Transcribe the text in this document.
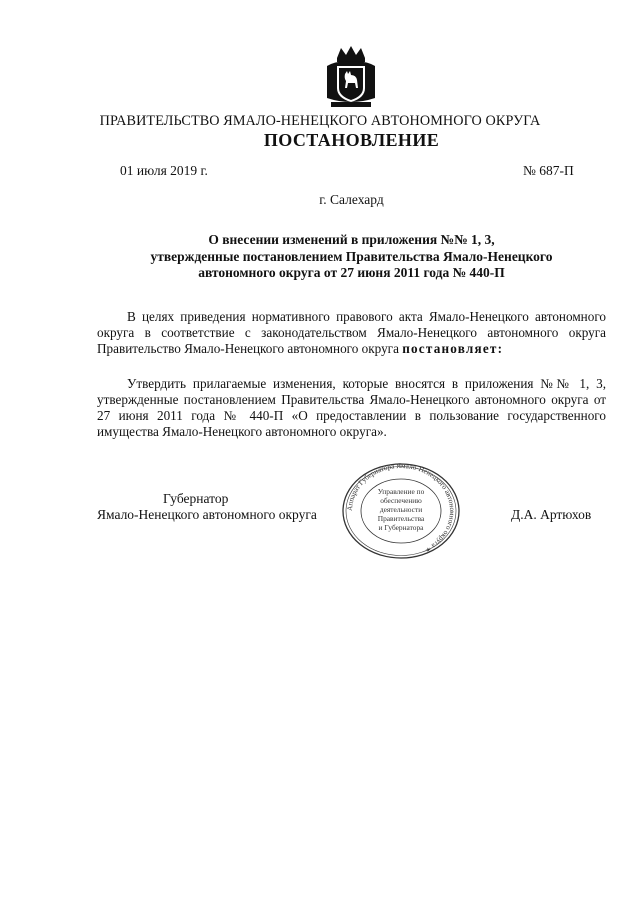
ПРАВИТЕЛЬСТВО ЯМАЛО-НЕНЕЦКОГО АВТОНОМНОГО ОКРУГА
ПОСТАНОВЛЕНИЕ
01 июля 2019 г.	№ 687-П
г. Салехард
О внесении изменений в приложения №№ 1, 3,
утвержденные постановлением Правительства Ямало-Ненецкого
автономного округа от 27 июня 2011 года № 440-П
В целях приведения нормативного правового акта Ямало-Ненецкого автономного округа в соответствие с законодательством Ямало-Ненецкого автономного округа Правительство Ямало-Ненецкого автономного округа постановляет:
Утвердить прилагаемые изменения, которые вносятся в приложения №№ 1, 3, утвержденные постановлением Правительства Ямало-Ненецкого автономного округа от 27 июня 2011 года № 440-П «О предоставлении в пользование государственного имущества Ямало-Ненецкого автономного округа».
Губернатор
Ямало-Ненецкого автономного округа	Д.А. Артюхов
Аппарат Губернатора Ямало-Ненецкого автономного округа ✶
Управление по
обеспечению
деятельности
Правительства
и Губернатора
